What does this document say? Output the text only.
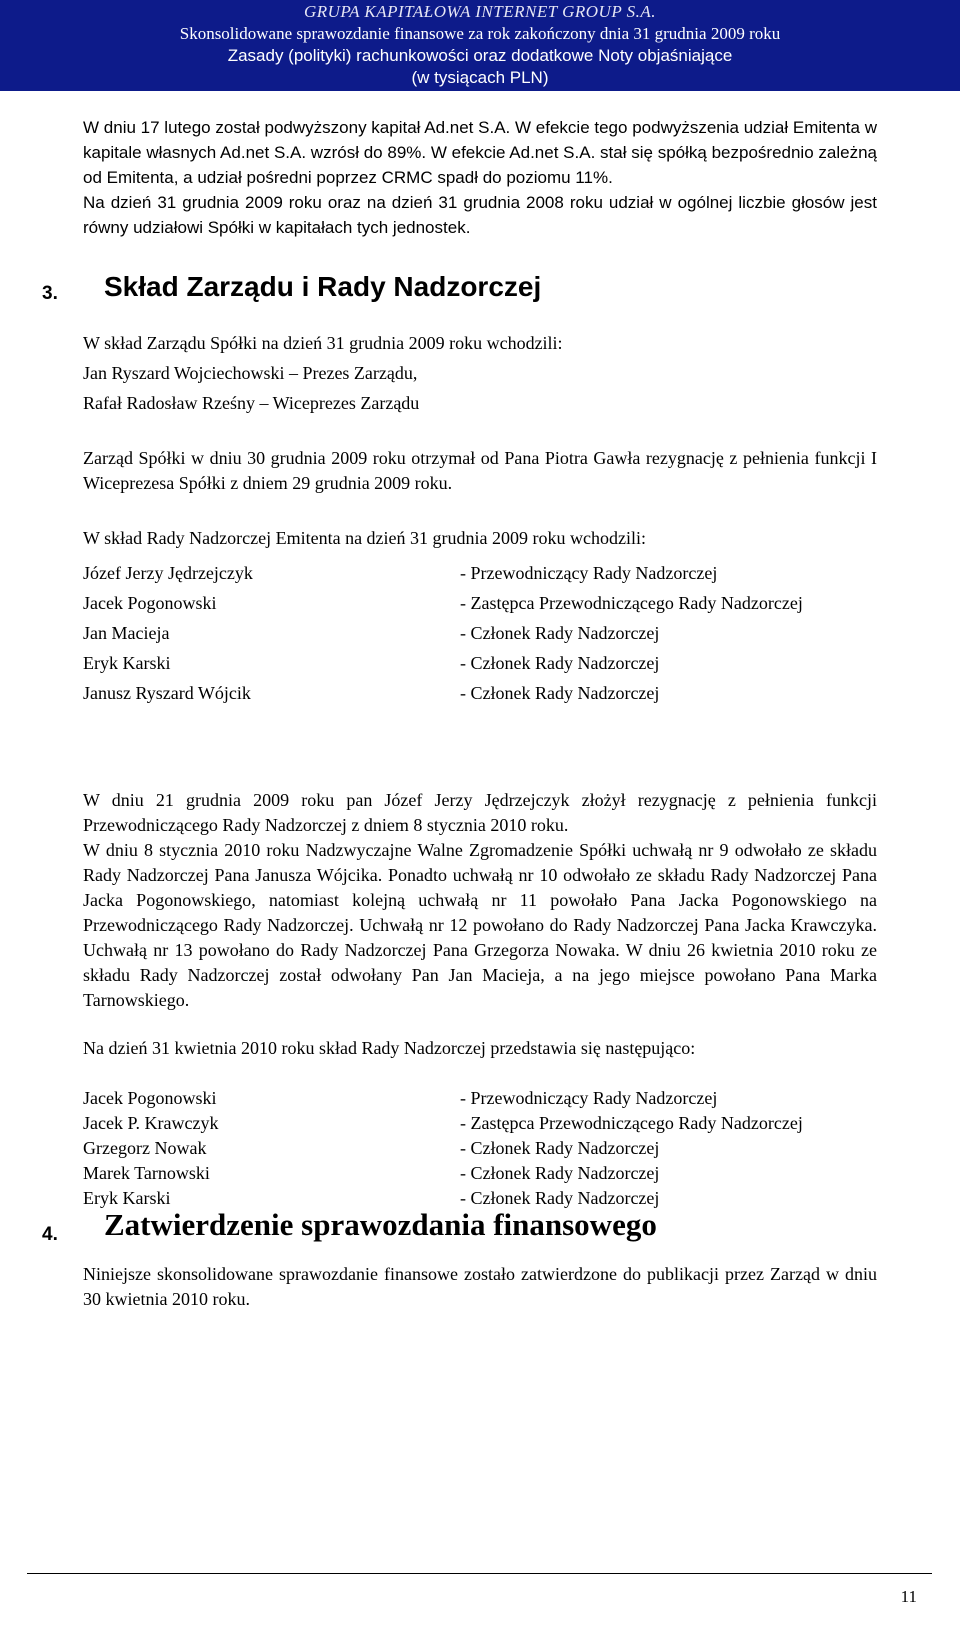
GRUPA KAPITAŁOWA INTERNET GROUP S.A.
Skonsolidowane sprawozdanie finansowe za rok zakończony dnia 31 grudnia 2009 roku
Zasady (polityki) rachunkowości oraz dodatkowe Noty objaśniające
(w tysiącach PLN)
W dniu 17 lutego został podwyższony kapitał Ad.net S.A. W efekcie tego podwyższenia udział Emitenta w kapitale własnych Ad.net S.A. wzrósł do 89%. W efekcie Ad.net S.A. stał się spółką bezpośrednio zależną od Emitenta, a udział pośredni poprzez CRMC spadł do poziomu 11%.
Na dzień 31 grudnia 2009 roku oraz na dzień 31 grudnia 2008 roku udział w ogólnej liczbie głosów jest równy udziałowi Spółki w kapitałach tych jednostek.
3. Skład Zarządu i Rady Nadzorczej
W skład Zarządu Spółki na dzień 31 grudnia 2009 roku wchodzili:
Jan Ryszard Wojciechowski – Prezes Zarządu,
Rafał Radosław Rześny – Wiceprezes Zarządu
Zarząd Spółki w dniu 30 grudnia 2009 roku otrzymał od Pana Piotra Gawła rezygnację z pełnienia funkcji I Wiceprezesa Spółki z dniem 29 grudnia 2009 roku.
W skład Rady Nadzorczej Emitenta na dzień 31 grudnia 2009 roku wchodzili:
Józef Jerzy Jędrzejczyk	- Przewodniczący Rady Nadzorczej
Jacek Pogonowski	- Zastępca Przewodniczącego Rady Nadzorczej
Jan Macieja	- Członek Rady Nadzorczej
Eryk Karski	- Członek Rady Nadzorczej
Janusz Ryszard Wójcik	- Członek Rady Nadzorczej
W dniu 21 grudnia 2009 roku pan Józef Jerzy Jędrzejczyk złożył rezygnację z pełnienia funkcji Przewodniczącego Rady Nadzorczej z dniem 8 stycznia 2010 roku.
W dniu 8 stycznia 2010 roku Nadzwyczajne Walne Zgromadzenie Spółki uchwałą nr 9 odwołało ze składu Rady Nadzorczej Pana Janusza Wójcika. Ponadto uchwałą nr 10 odwołało ze składu Rady Nadzorczej Pana Jacka Pogonowskiego, natomiast kolejną uchwałą nr 11 powołało Pana Jacka Pogonowskiego na Przewodniczącego Rady Nadzorczej. Uchwałą nr 12 powołano do Rady Nadzorczej Pana Jacka Krawczyka. Uchwałą nr 13 powołano do Rady Nadzorczej Pana Grzegorza Nowaka. W dniu 26 kwietnia 2010 roku ze składu Rady Nadzorczej został odwołany Pan Jan Macieja, a na jego miejsce powołano Pana Marka Tarnowskiego.
Na dzień 31 kwietnia 2010 roku skład Rady Nadzorczej przedstawia się następująco:
Jacek Pogonowski	- Przewodniczący Rady Nadzorczej
Jacek P. Krawczyk	- Zastępca Przewodniczącego Rady Nadzorczej
Grzegorz Nowak	- Członek Rady Nadzorczej
Marek Tarnowski	- Członek Rady Nadzorczej
Eryk Karski	- Członek Rady Nadzorczej
4. Zatwierdzenie sprawozdania finansowego
Niniejsze skonsolidowane sprawozdanie finansowe zostało zatwierdzone do publikacji przez Zarząd w dniu 30 kwietnia 2010 roku.
11
